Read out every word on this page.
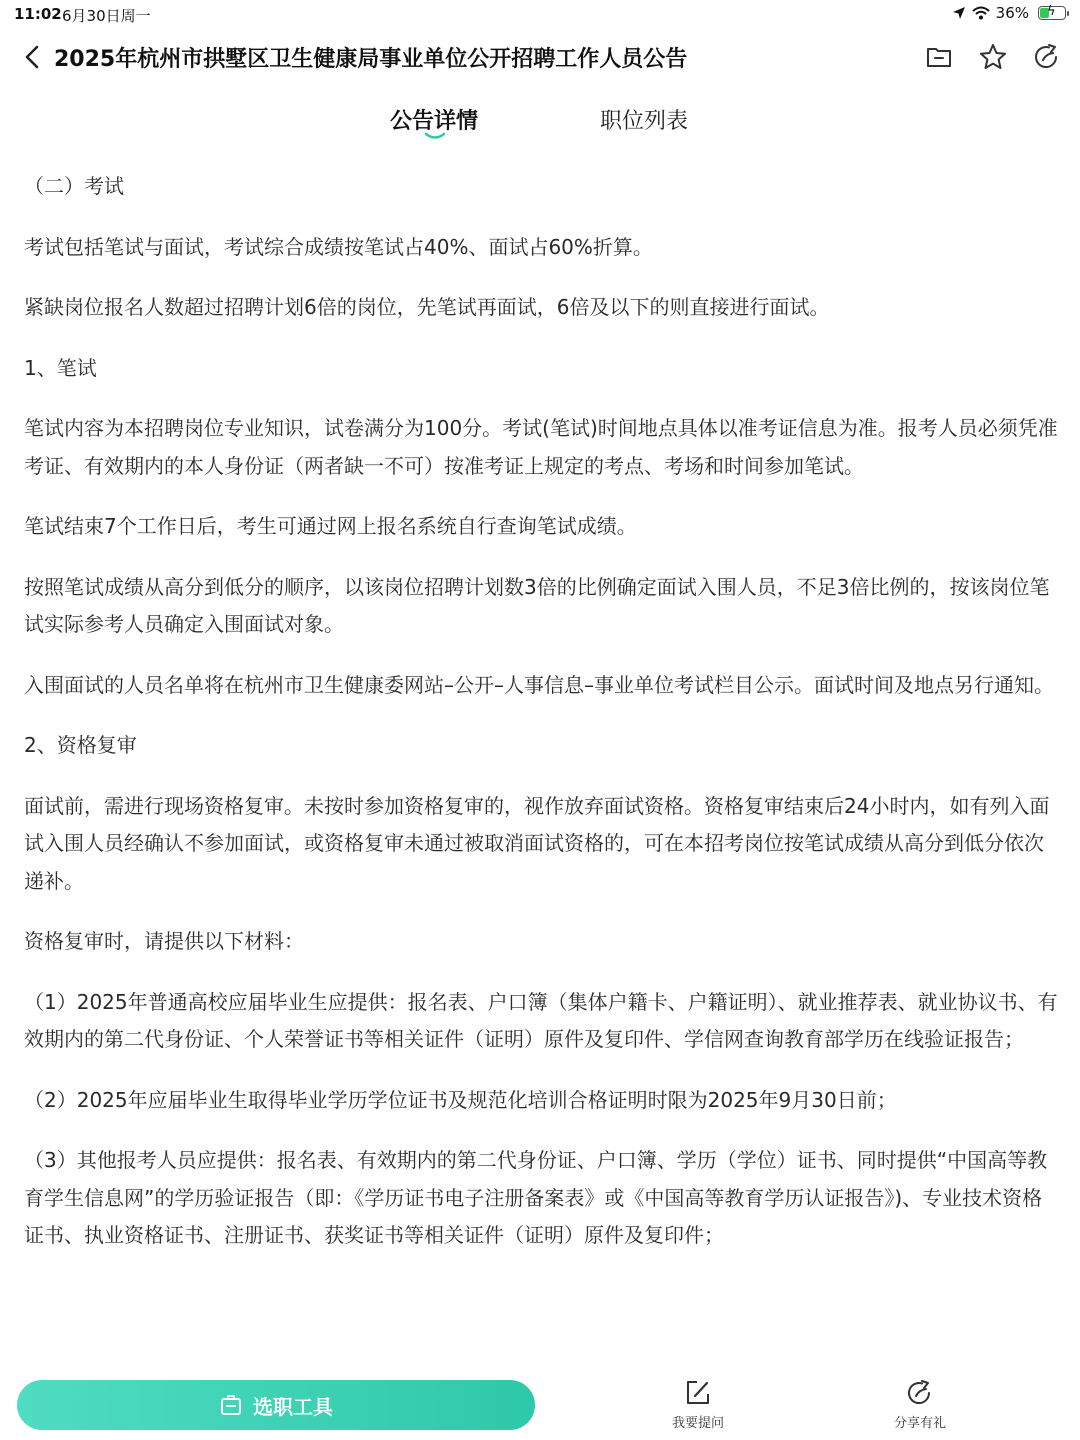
11:02 6月30日周一	36% ϟ
2025年杭州市拱墅区卫生健康局事业单位公开招聘工作人员公告
公告详情	职位列表

（二）考试

考试包括笔试与面试，考试综合成绩按笔试占40%、面试占60%折算。

紧缺岗位报名人数超过招聘计划6倍的岗位，先笔试再面试，6倍及以下的则直接进行面试。

1、笔试

笔试内容为本招聘岗位专业知识，试卷满分为100分。考试(笔试)时间地点具体以准考证信息为准。报考人员必须凭准考证、有效期内的本人身份证（两者缺一不可）按准考证上规定的考点、考场和时间参加笔试。

笔试结束7个工作日后，考生可通过网上报名系统自行查询笔试成绩。

按照笔试成绩从高分到低分的顺序，以该岗位招聘计划数3倍的比例确定面试入围人员，不足3倍比例的，按该岗位笔试实际参考人员确定入围面试对象。

入围面试的人员名单将在杭州市卫生健康委网站–公开–人事信息–事业单位考试栏目公示。面试时间及地点另行通知。

2、资格复审

面试前，需进行现场资格复审。未按时参加资格复审的，视作放弃面试资格。资格复审结束后24小时内，如有列入面试入围人员经确认不参加面试，或资格复审未通过被取消面试资格的，可在本招考岗位按笔试成绩从高分到低分依次递补。

资格复审时，请提供以下材料：

（1）2025年普通高校应届毕业生应提供：报名表、户口簿（集体户籍卡、户籍证明）、就业推荐表、就业协议书、有效期内的第二代身份证、个人荣誉证书等相关证件（证明）原件及复印件、学信网查询教育部学历在线验证报告；

（2）2025年应届毕业生取得毕业学历学位证书及规范化培训合格证明时限为2025年9月30日前；

（3）其他报考人员应提供：报名表、有效期内的第二代身份证、户口簿、学历（学位）证书、同时提供“中国高等教育学生信息网”的学历验证报告（即：《学历证书电子注册备案表》或《中国高等教育学历认证报告》)、专业技术资格证书、执业资格证书、注册证书、获奖证书等相关证件（证明）原件及复印件；

选职工具
我要提问	分享有礼
